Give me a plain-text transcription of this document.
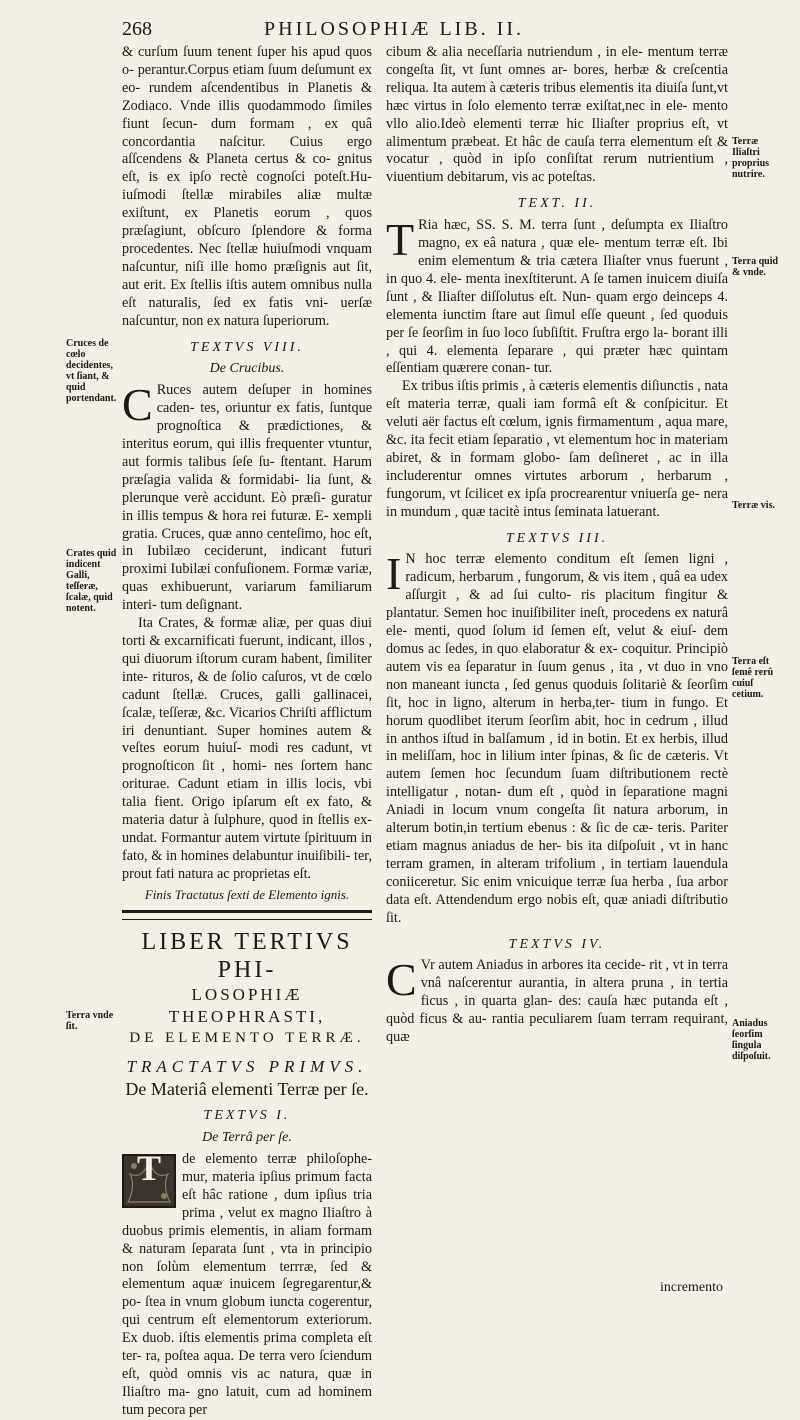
268	PHILOSOPHIÆ LIB. II.
Cruces de cœlo decidentes, vt ſiant, & quid portendant.
Crates quid indicent Galli, teſſeræ, ſcalæ, quid notent.
Terra vnde ſit.
Terræ Iliaſtri proprius nutrire.
Terra quid & vnde.
Terræ vis.
Terra eſt ſemê rerû cuiuſ cetium.
Aniadus ſeorſim ſingula diſpoſuit.

& curſum ſuum tenent ſuper his apud quos o- perantur.Corpus etiam ſuum deſumunt ex eo- rundem aſcendentibus in Planetis & Zodiaco. Vnde illis quodammodo ſimiles fiunt ſecun- dum formam , ex quâ concordantia naſcitur. Cuius ergo aſſcendens & Planeta certus & co- gnitus eſt, is ex ipſo rectè cognoſci poteſt.Hu- iuſmodi ſtellæ mirabiles aliæ multæ exiſtunt, ex Planetis eorum , quos præſagiunt, obſcuro ſplendore & forma procedentes. Nec ſtellæ huiuſmodi vnquam naſcuntur, niſi ille homo præſignis aut ſit, aut erit. Ex ſtellis iſtis autem omnibus nulla eſt naturalis, ſed ex fatis vni- uerſæ naſcuntur, non ex natura ſuperiorum.

TEXTVS VIII.
De Crucibus.

C Ruces autem deſuper in homines caden- tes, oriuntur ex fatis, ſuntque prognoſtica & prædictiones, & interitus eorum, qui illis frequenter vtuntur, aut formis talibus ſeſe ſu- ſtentant. Harum præſagia valida & formidabi- lia ſunt, & plerunque verè accidunt. Eò præſi- guratur in illis tempus & hora rei futuræ. E- xempli gratia. Cruces, quæ anno centeſimo, hoc eſt, in Iubilæo ceciderunt, indicant futuri proximi Iubilæi confuſionem. Formæ variæ, quas exhibuerunt, variarum familiarum interi- tum deſignant.

Ita Crates, & formæ aliæ, per quas diui torti & excarnificati fuerunt, indicant, illos , qui diuorum iſtorum curam habent, ſimiliter inte- rituros, & de ſolio caſuros, vt de cœlo cadunt ſtellæ. Cruces, galli gallinacei, ſcalæ, teſſeræ, &c. Vicarios Chriſti afflictum iri denuntiant. Super homines autem & veſtes eorum huiuſ- modi res cadunt, vt prognoſticon ſit , homi- nes ſortem hanc oriturae. Cadunt etiam in illis locis, vbi talia fient. Origo ipſarum eſt ex fato, & materia datur à ſulphure, quod in ſtellis ex- undat. Formantur autem virtute ſpirituum in fato, & in homines delabuntur inuiſibili- ter, prout fati natura ac proprietas eſt.

Finis Tractatus ſexti de Elemento ignis.
LIBER TERTIVS PHI-
LOSOPHIÆ THEOPHRASTI,
DE ELEMENTO TERRÆ.
TRACTATVS PRIMVS.
De Materiâ elementi Terræ per ſe.
TEXTVS I.
De Terrâ per ſe.

T	de elemento terræ philoſophe- mur, materia ipſius primum facta eſt hâc ratione , dum ipſius tria prima , velut ex magno Iliaſtro à duobus primis elementis, in aliam formam & naturam ſeparata ſunt , vta in principio non ſolùm elementum terrræ, ſed & elementum aquæ inuicem ſegregarentur,& po- ſtea in vnum globum iuncta cogerentur, qui centrum eſt elementorum exteriorum. Ex duob. iſtis elementis prima completa eſt ter- ra, poſtea aqua. De terra vero ſciendum eſt, quòd omnis vis ac natura, quæ in Iliaſtro ma- gno latuit, cum ad hominem tum pecora per

cibum & alia neceſſaria nutriendum , in ele- mentum terræ congeſta ſit, vt ſunt omnes ar- bores, herbæ & creſcentia reliqua. Ita autem à cæteris tribus elementis ita diuiſa ſunt,vt hæc virtus in ſolo elemento terræ exiſtat,nec in ele- mento vllo alio.Ideò elementi terræ hic Iliaſter proprius eſt, vt alimentum præbeat. Et hâc de cauſa terra elementum eſt & vocatur , quòd in ipſo conſiſtat rerum nutrientium , viuentium debitarum, vis ac poteſtas.

TEXT. II.

T Ria hæc, SS. S. M. terra ſunt , deſumpta ex Iliaſtro magno, ex eâ natura , quæ ele- mentum terræ eſt. Ibi enim elementum & tria cætera Iliaſter vnus fuerunt , in quo 4. ele- menta inexſtiterunt. A ſe tamen inuicem diuiſa ſunt , & Iliaſter diſſolutus eſt. Nun- quam ergo deinceps 4. elementa iunctim ſtare aut ſimul eſſe queunt , ſed quoduis per ſe ſeorſim in ſuo loco ſubſiſtit. Fruſtra ergo la- borant illi , qui 4. elementa ſeparare , qui præter hæc quintam eſſentiam quærere conan- tur.

Ex tribus iſtis primis , à cæteris elementis diſiunctis , nata eſt materia terræ, quali iam formâ eſt & conſpicitur. Et veluti aër factus eſt cœlum, ignis firmamentum , aqua mare, &c. ita fecit etiam ſeparatio , vt elementum hoc in materiam abiret, & in formam globo- ſam deſineret , ac in illa includerentur omnes virtutes arborum , herbarum , fungorum, vt ſcilicet ex ipſa procrearentur vniuerſa ge- nera in mundum , quæ tacitè intus ſeminata latuerant.

TEXTVS III.

I N hoc terræ elemento conditum eſt ſemen ligni , radicum, herbarum , fungorum, & vis item , quâ ea udex aſſurgit , & ad ſui culto- ris placitum fingitur & plantatur. Semen hoc inuiſibiliter ineſt, procedens ex naturâ ele- menti, quod ſolum id ſemen eſt, velut & eiuſ- dem domus ac ſedes, in quo elaboratur & ex- coquitur. Principiò autem vis ea ſeparatur in ſuum genus , ita , vt duo in vno non maneant iuncta , ſed genus quoduis ſolitariè & ſeorſim ſit, hoc in ligno, alterum in herba,ter- tium in fungo. Et horum quodlibet iterum ſeorſim abit, hoc in cedrum , illud in anthos iſtud in balſamum , id in botin. Et ex herbis, illud in meliſſam, hoc in lilium inter ſpinas, & ſic de cæteris. Vt autem ſemen hoc ſecundum ſuam diſtributionem rectè intelligatur , notan- dum eſt , quòd in ſeparatione magni Aniadi in locum vnum congeſta ſit natura arborum, in alterum botin,in tertium ebenus : & ſic de cæ- teris. Pariter etiam magnus aniadus de her- bis ita diſpoſuit , vt in hanc terram gramen, in alteram trifolium , in tertiam lauendula coniiceretur. Sic enim vnicuique terræ ſua herba , ſua arbor data eſt. Attendendum ergo nobis eſt, quæ aniadi diſtributio ſit.

TEXTVS IV.

C Vr autem Aniadus in arbores ita cecide- rit , vt in terra vnâ naſcerentur aurantia, in altera pruna , in tertia ficus , in quarta glan- des: cauſa hæc putanda eſt , quòd ficus & au- rantia peculiarem ſuam terram requirant, quæ

incremento
